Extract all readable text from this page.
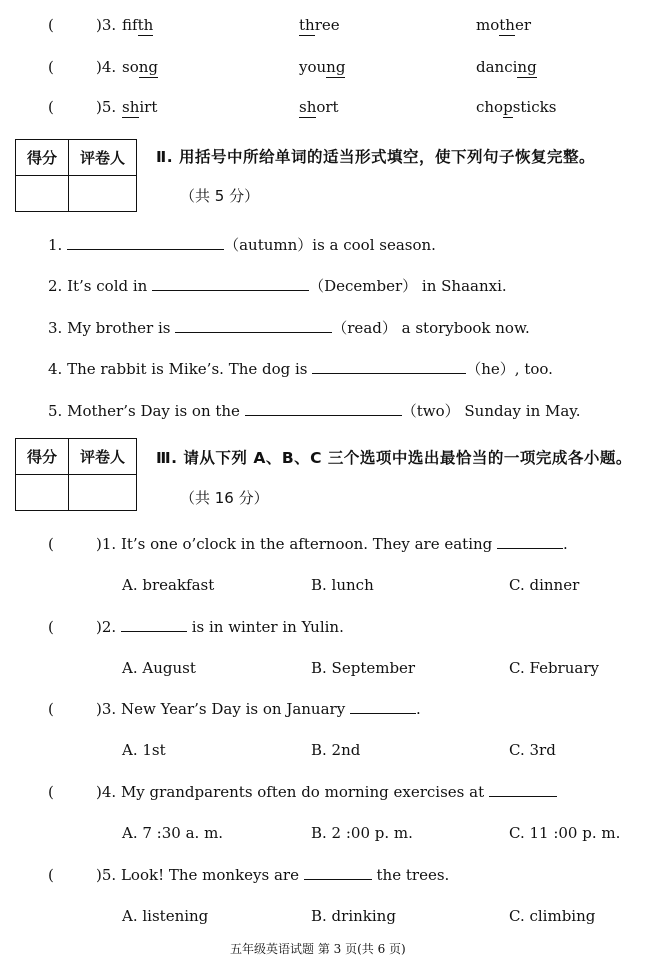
(	)3. fifth	three	mother
(	)4. song	young	dancing
(	)5. shirt	short	chopsticks
得分	评卷人
	Ⅱ. 用括号中所给单词的适当形式填空，使下列句子恢复完整。
（共 5 分）
1.	（autumn）is a cool season.
2. It’s cold in	（December） in Shaanxi.
3. My brother is	（read） a storybook now.
4. The rabbit is Mike’s. The dog is	（he）, too.
5. Mother’s Day is on the	（two） Sunday in May.
得分	评卷人
	Ⅲ. 请从下列 A、B、C 三个选项中选出最恰当的一项完成各小题。
（共 16 分）
(	)1. It’s one o’clock in the afternoon. They are eating	.
A. breakfast	B. lunch	C. dinner
(	)2.	is in winter in Yulin.
A. August	B. September	C. February
(	)3. New Year’s Day is on January	.
A. 1st	B. 2nd	C. 3rd
(	)4. My grandparents often do morning exercises at
A. 7 :30 a. m.	B. 2 :00 p. m.	C. 11 :00 p. m.
(	)5. Look! The monkeys are	the trees.
A. listening	B. drinking	C. climbing
五年级英语试题 第 3 页(共 6 页)
